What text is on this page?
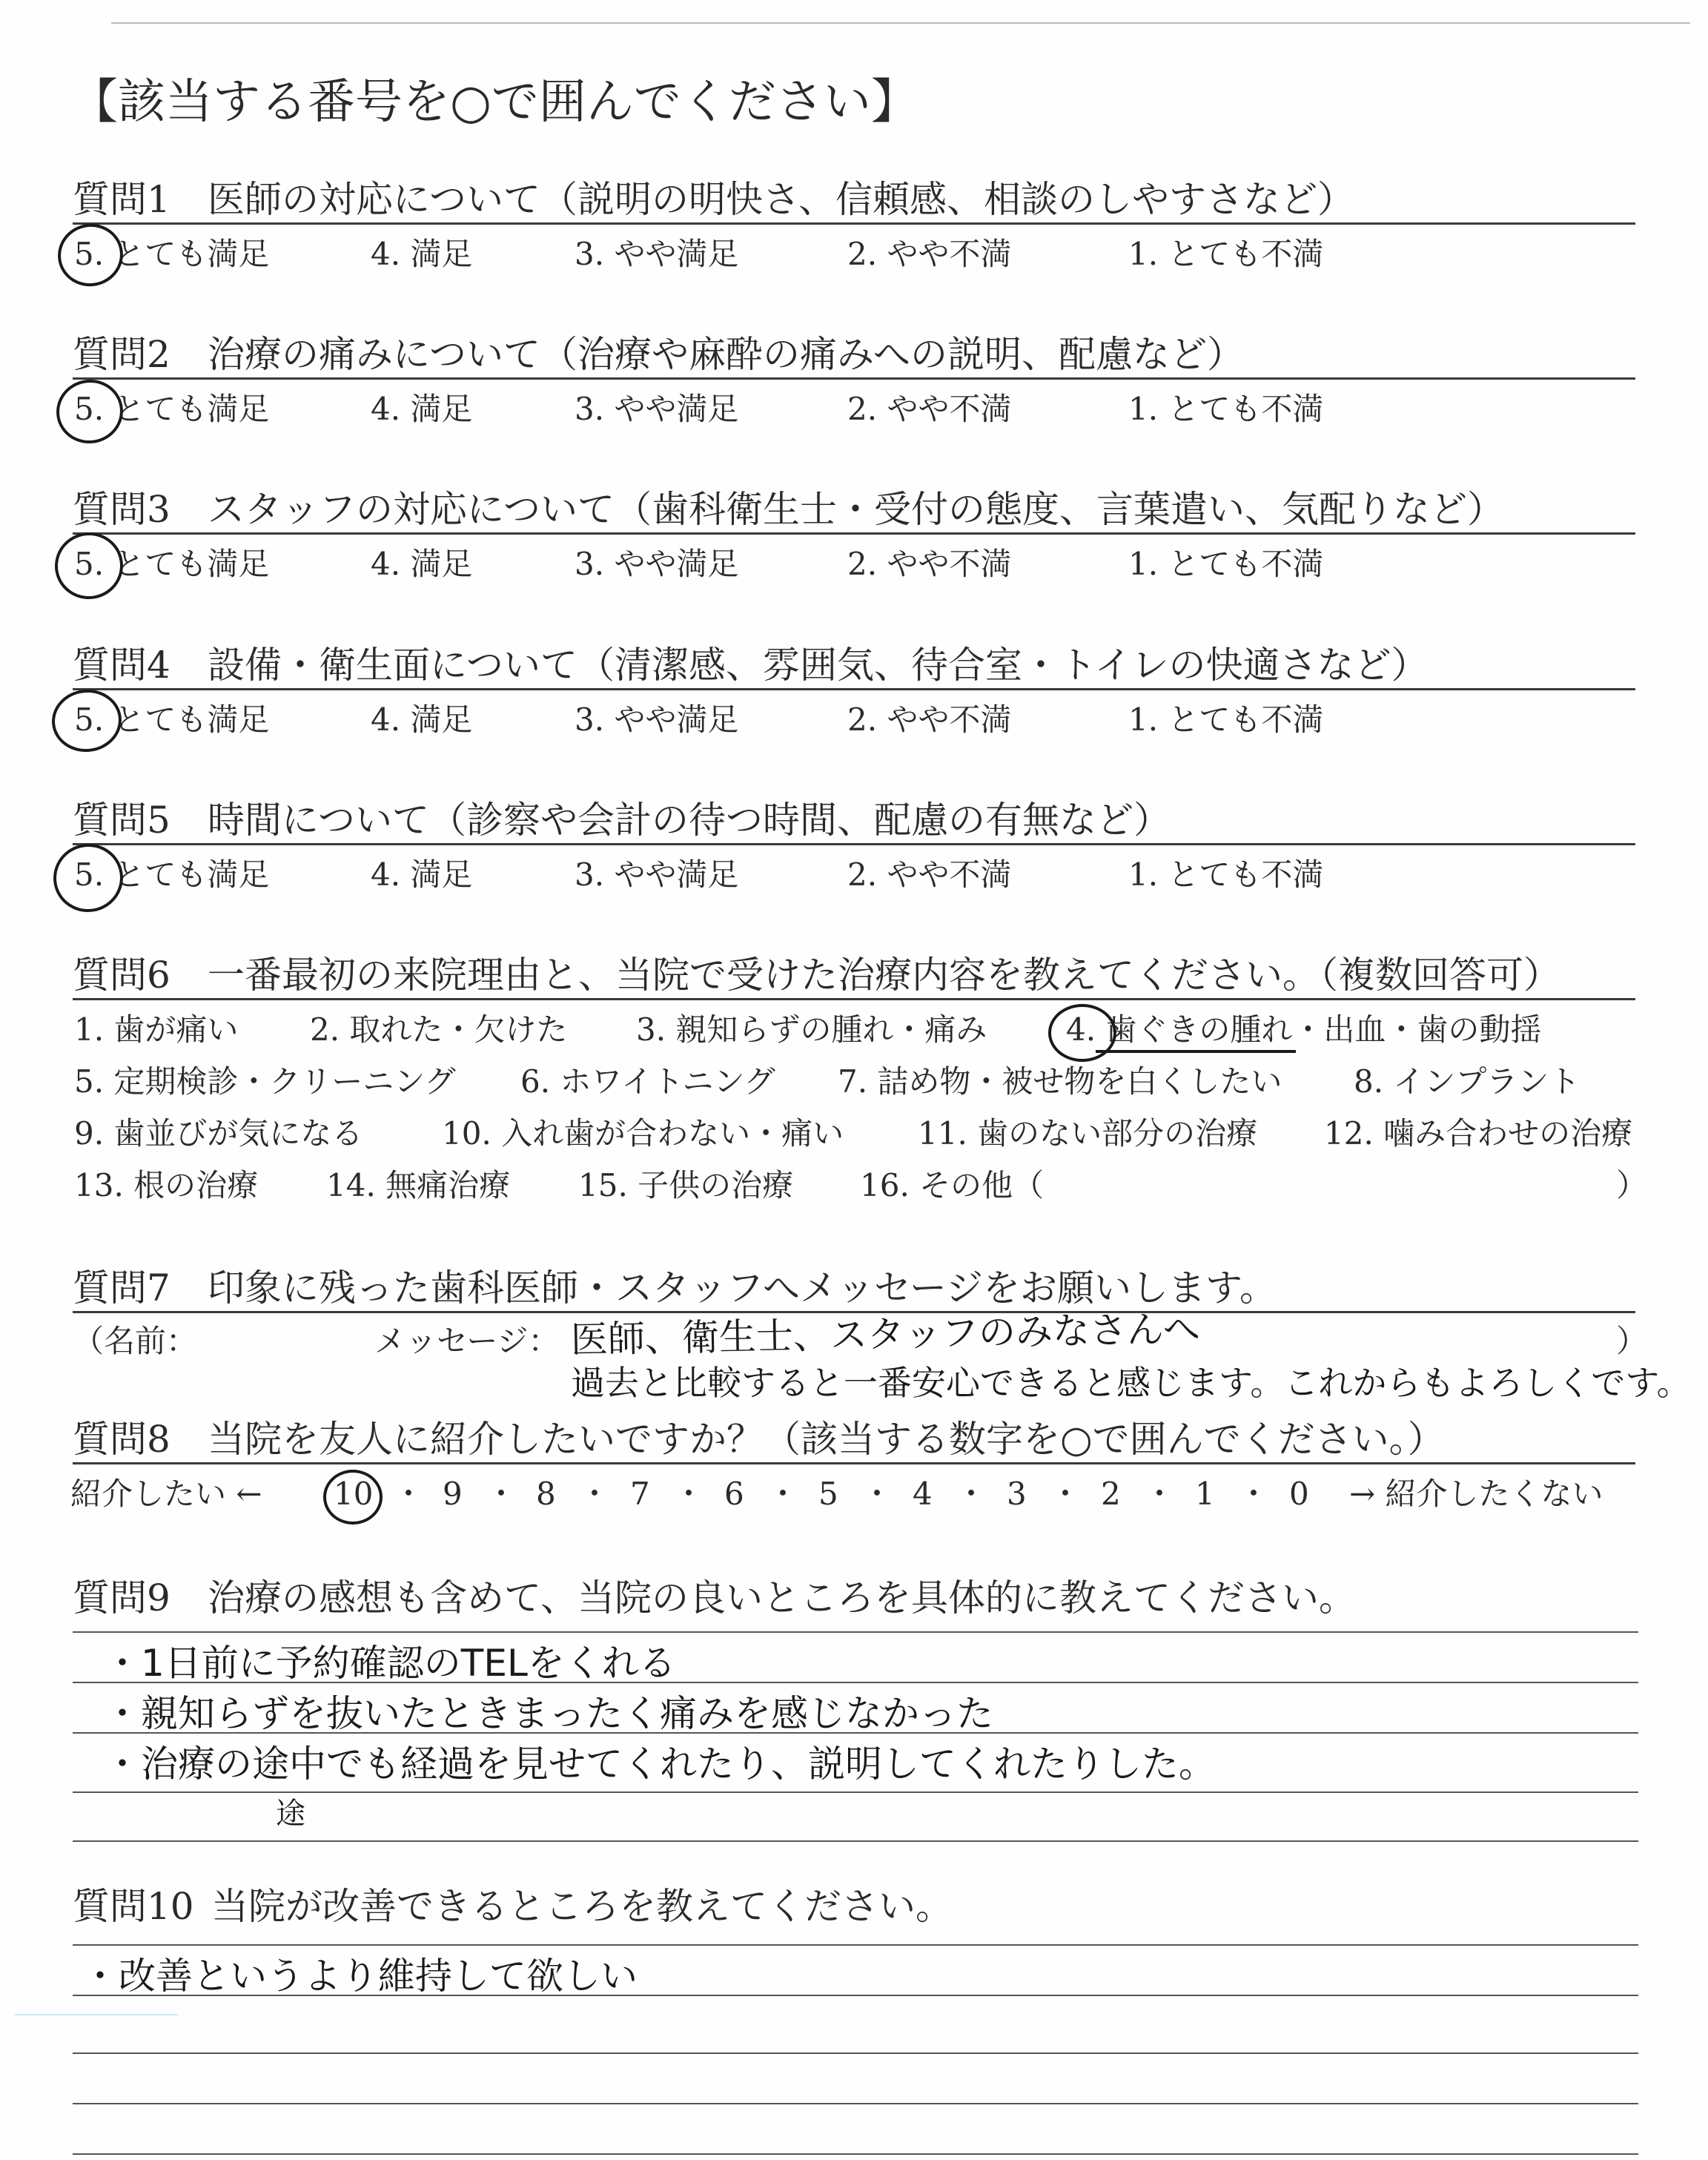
【該当する番号を○で囲んでください】
質問1 医師の対応について（説明の明快さ、信頼感、相談のしやすさなど）
5. とても満足	4. 満足	3. やや満足	2. やや不満	1. とても不満
質問2 治療の痛みについて（治療や麻酔の痛みへの説明、配慮など）
5. とても満足	4. 満足	3. やや満足	2. やや不満	1. とても不満
質問3 スタッフの対応について（歯科衛生士・受付の態度、言葉遣い、気配りなど）
5. とても満足	4. 満足	3. やや満足	2. やや不満	1. とても不満
質問4 設備・衛生面について（清潔感、雰囲気、待合室・トイレの快適さなど）
5. とても満足	4. 満足	3. やや満足	2. やや不満	1. とても不満
質問5 時間について（診察や会計の待つ時間、配慮の有無など）
5. とても満足	4. 満足	3. やや満足	2. やや不満	1. とても不満
質問6 一番最初の来院理由と、当院で受けた治療内容を教えてください。（複数回答可）
1. 歯が痛い 2. 取れた・欠けた 3. 親知らずの腫れ・痛み	4. 歯ぐきの腫れ・出血・歯の動揺
5. 定期検診・クリーニング 6. ホワイトニング 7. 詰め物・被せ物を白くしたい 8. インプラント
9. 歯並びが気になる	10. 入れ歯が合わない・痛い 11. 歯のない部分の治療 12. 噛み合わせの治療
13. 根の治療 14. 無痛治療 15. 子供の治療 16. その他（	）
質問7 印象に残った歯科医師・スタッフへメッセージをお願いします。
（名前：	メッセージ：	）
医師、衛生士、スタッフのみなさんへ
過去と比較すると一番安心できると感じます。これからもよろしくです。
質問8 当院を友人に紹介したいですか？（該当する数字を○で囲んでください。）
紹介したい ←	→ 紹介したくない
10 ・ 9 ・ 8 ・ 7 ・ 6 ・ 5 ・ 4 ・ 3 ・ 2 ・ 1 ・ 0
質問9 治療の感想も含めて、当院の良いところを具体的に教えてください。
・1日前に予約確認のTELをくれる
・親知らずを抜いたときまったく痛みを感じなかった
・治療の途中でも経過を見せてくれたり、説明してくれたりした。
途
質問10 当院が改善できるところを教えてください。
・改善というより維持して欲しい
